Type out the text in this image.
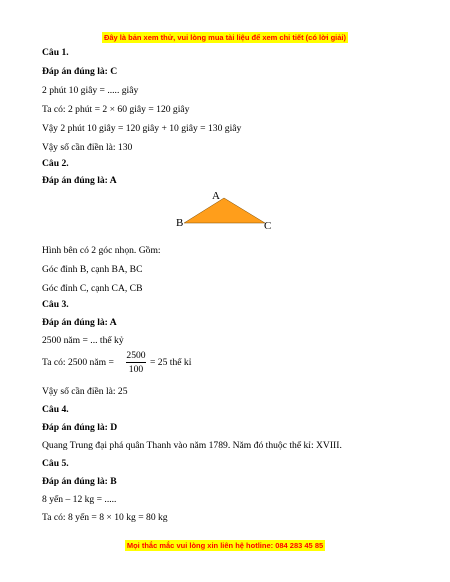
Đây là bản xem thử, vui lòng mua tài liệu để xem chi tiết (có lời giải)
Câu 1.
Đáp án đúng là: C
2 phút 10 giây = ..... giây
Ta có: 2 phút = 2 × 60 giây = 120 giây
Vậy 2 phút 10 giây = 120 giây + 10 giây = 130 giây
Vậy số cần điền là: 130
Câu 2.
Đáp án đúng là: A
A
B	C
Hình bên có 2 góc nhọn. Gồm:
Góc đỉnh B, cạnh BA, BC
Góc đỉnh C, cạnh CA, CB
Câu 3.
Đáp án đúng là: A
2500 năm = ... thế kỷ
Ta có: 2500 năm =
2500
100
= 25 thế kỉ
Vậy số cần điền là: 25
Câu 4.
Đáp án đúng là: D
Quang Trung đại phá quân Thanh vào năm 1789. Năm đó thuộc thế kỉ: XVIII.
Câu 5.
Đáp án đúng là: B
8 yến – 12 kg = .....
Ta có: 8 yến = 8 × 10 kg = 80 kg
Mọi thắc mắc vui lòng xin liên hệ hotline: 084 283 45 85
